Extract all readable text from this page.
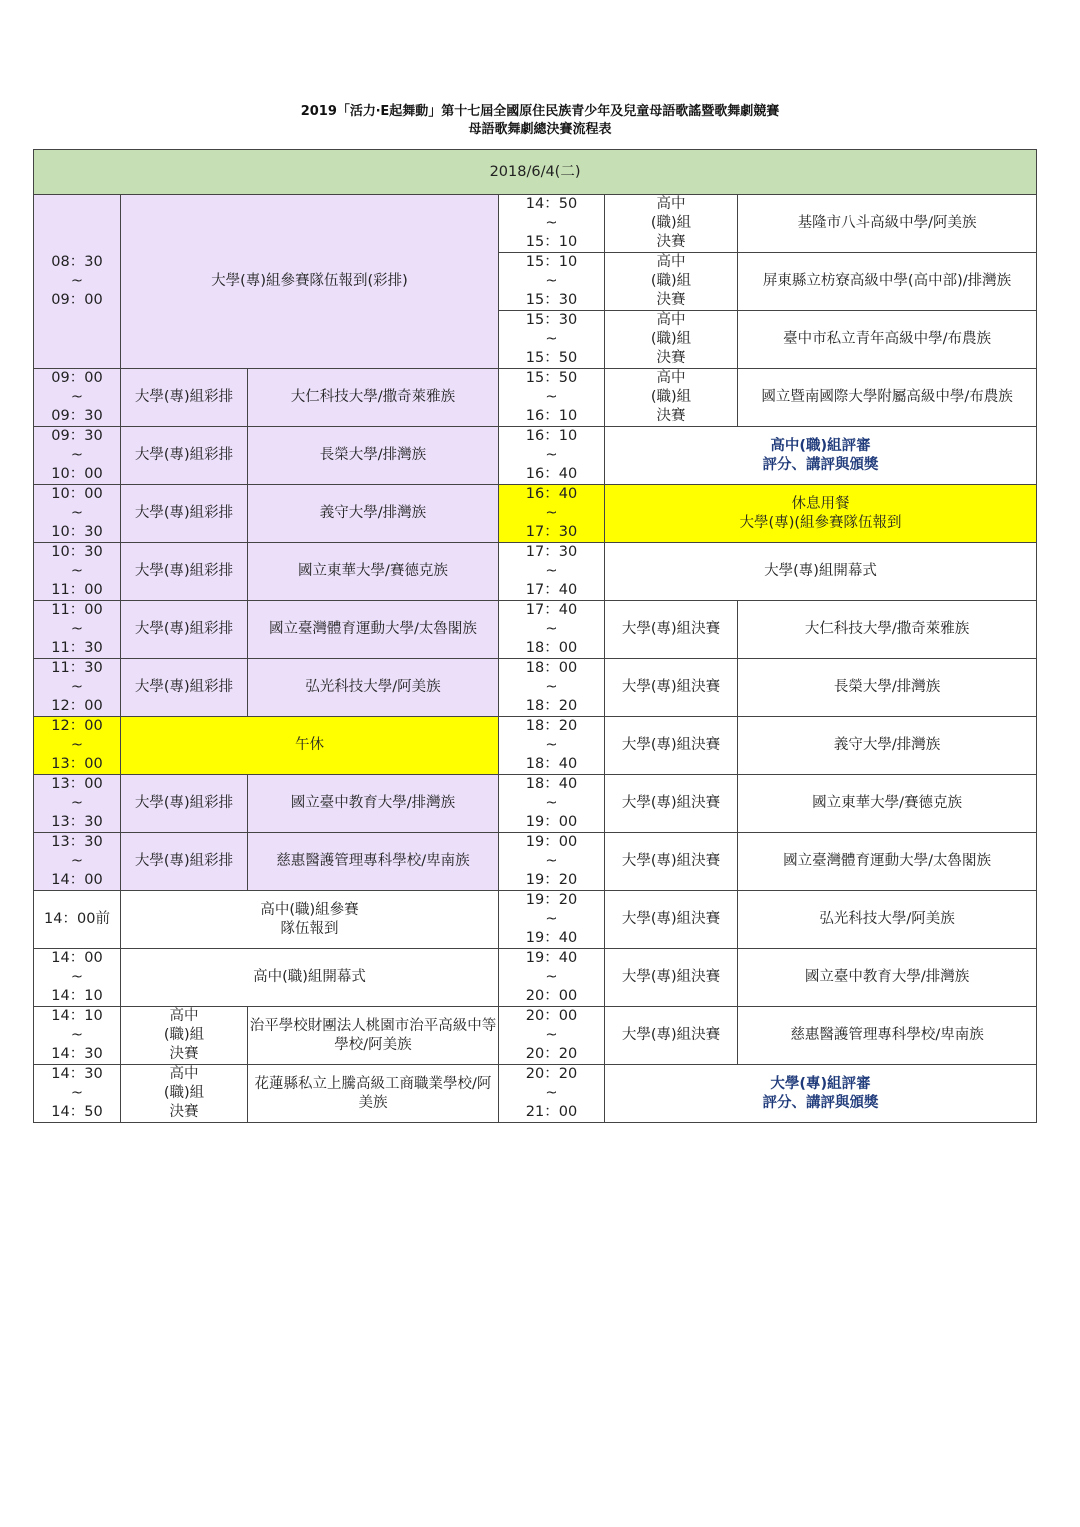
2019「活力‧E起舞動」第十七屆全國原住民族青少年及兒童母語歌謠暨歌舞劇競賽
母語歌舞劇總決賽流程表
2018/6/4(二)					

08：30
~
09：00	大學(專)組參賽隊伍報到(彩排)		14：50
~
15：10	高中
(職)組
決賽	基隆市八斗高級中學/阿美族

			15：10
~
15：30	高中
(職)組
決賽	屏東縣立枋寮高級中學(高中部)/排灣族

			15：30
~
15：50	高中
(職)組
決賽	臺中市私立青年高級中學/布農族

09：00
~
09：30	大學(專)組彩排	大仁科技大學/撒奇萊雅族	15：50
~
16：10	高中
(職)組
決賽	國立暨南國際大學附屬高級中學/布農族

09：30
~
10：00	大學(專)組彩排	長榮大學/排灣族	16：10
~
16：40	高中(職)組評審
評分、講評與頒獎	

10：00
~
10：30	大學(專)組彩排	義守大學/排灣族	16：40
~
17：30	休息用餐
大學(專)(組參賽隊伍報到	

10：30
~
11：00	大學(專)組彩排	國立東華大學/賽德克族	17：30
~
17：40	大學(專)組開幕式	

11：00
~
11：30	大學(專)組彩排	國立臺灣體育運動大學/太魯閣族	17：40
~
18：00	大學(專)組決賽	大仁科技大學/撒奇萊雅族

11：30
~
12：00	大學(專)組彩排	弘光科技大學/阿美族	18：00
~
18：20	大學(專)組決賽	長榮大學/排灣族

12：00
~
13：00	午休		18：20
~
18：40	大學(專)組決賽	義守大學/排灣族

13：00
~
13：30	大學(專)組彩排	國立臺中教育大學/排灣族	18：40
~
19：00	大學(專)組決賽	國立東華大學/賽德克族

13：30
~
14：00	大學(專)組彩排	慈惠醫護管理專科學校/卑南族	19：00
~
19：20	大學(專)組決賽	國立臺灣體育運動大學/太魯閣族
14：00前	高中(職)組參賽
隊伍報到		19：20
~
19：40	大學(專)組決賽	弘光科技大學/阿美族

14：00
~
14：10	高中(職)組開幕式		19：40
~
20：00	大學(專)組決賽	國立臺中教育大學/排灣族

14：10
~
14：30	高中
(職)組
決賽	治平學校財團法人桃園市治平高級中等學校/阿美族	20：00
~
20：20	大學(專)組決賽	慈惠醫護管理專科學校/卑南族

14：30
~
14：50	高中
(職)組
決賽	花蓮縣私立上騰高級工商職業學校/阿美族	20：20
~
21：00	大學(專)組評審
評分、講評與頒獎	
